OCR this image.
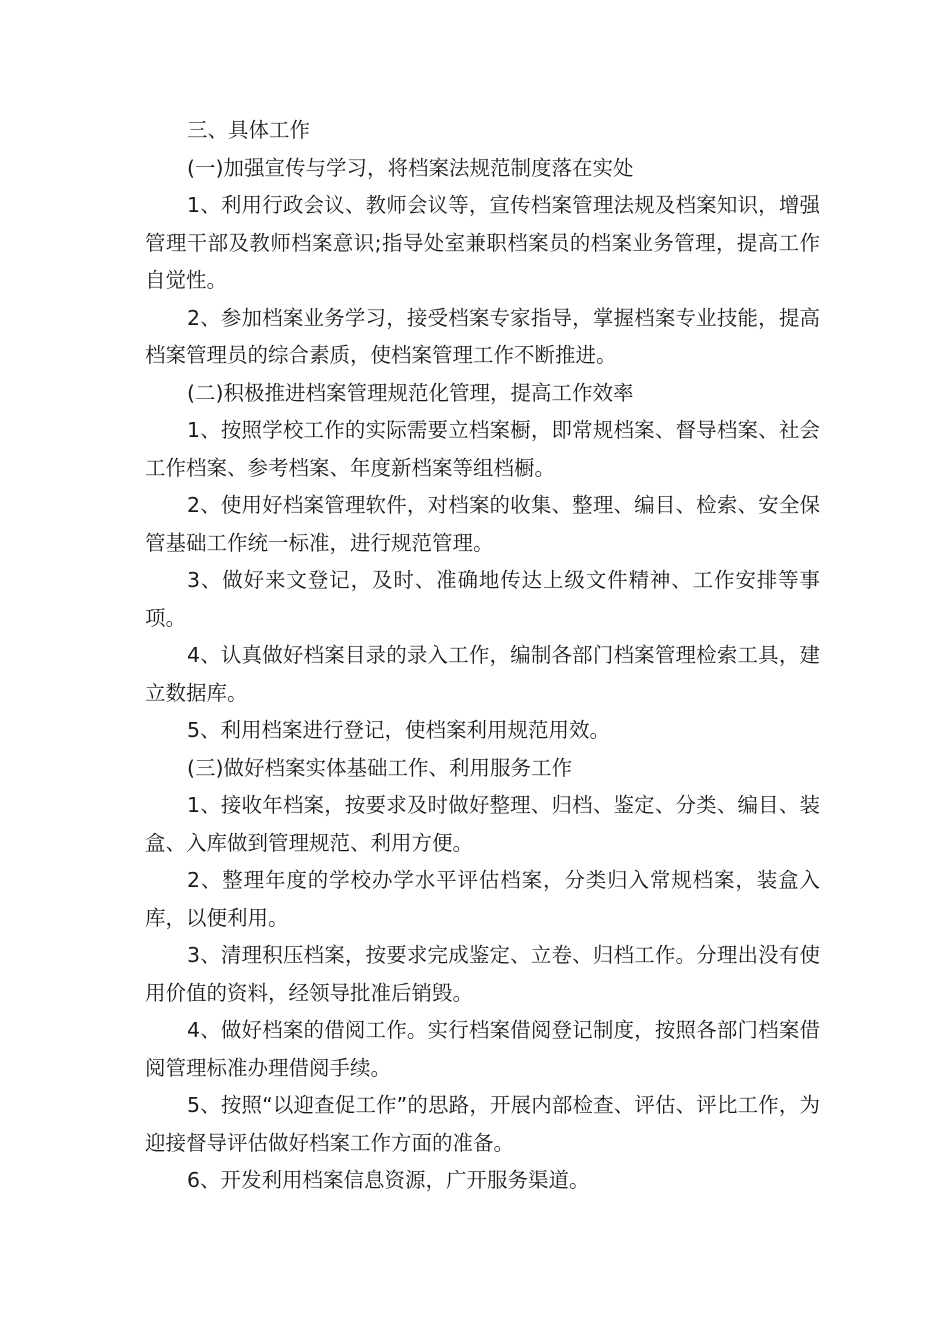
三、具体工作

(一)加强宣传与学习，将档案法规范制度落在实处

1、利用行政会议、教师会议等，宣传档案管理法规及档案知识，增强管理干部及教师档案意识;指导处室兼职档案员的档案业务管理，提高工作自觉性。

2、参加档案业务学习，接受档案专家指导，掌握档案专业技能，提高档案管理员的综合素质，使档案管理工作不断推进。

(二)积极推进档案管理规范化管理，提高工作效率

1、按照学校工作的实际需要立档案橱，即常规档案、督导档案、社会工作档案、参考档案、年度新档案等组档橱。

2、使用好档案管理软件，对档案的收集、整理、编目、检索、安全保管基础工作统一标准，进行规范管理。

3、做好来文登记，及时、准确地传达上级文件精神、工作安排等事项。

4、认真做好档案目录的录入工作，编制各部门档案管理检索工具，建立数据库。

5、利用档案进行登记，使档案利用规范用效。

(三)做好档案实体基础工作、利用服务工作

1、接收年档案，按要求及时做好整理、归档、鉴定、分类、编目、装盒、入库做到管理规范、利用方便。

2、整理年度的学校办学水平评估档案，分类归入常规档案，装盒入库，以便利用。

3、清理积压档案，按要求完成鉴定、立卷、归档工作。分理出没有使用价值的资料，经领导批准后销毁。

4、做好档案的借阅工作。实行档案借阅登记制度，按照各部门档案借阅管理标准办理借阅手续。

5、按照“以迎查促工作”的思路，开展内部检查、评估、评比工作，为迎接督导评估做好档案工作方面的准备。

6、开发利用档案信息资源，广开服务渠道。
